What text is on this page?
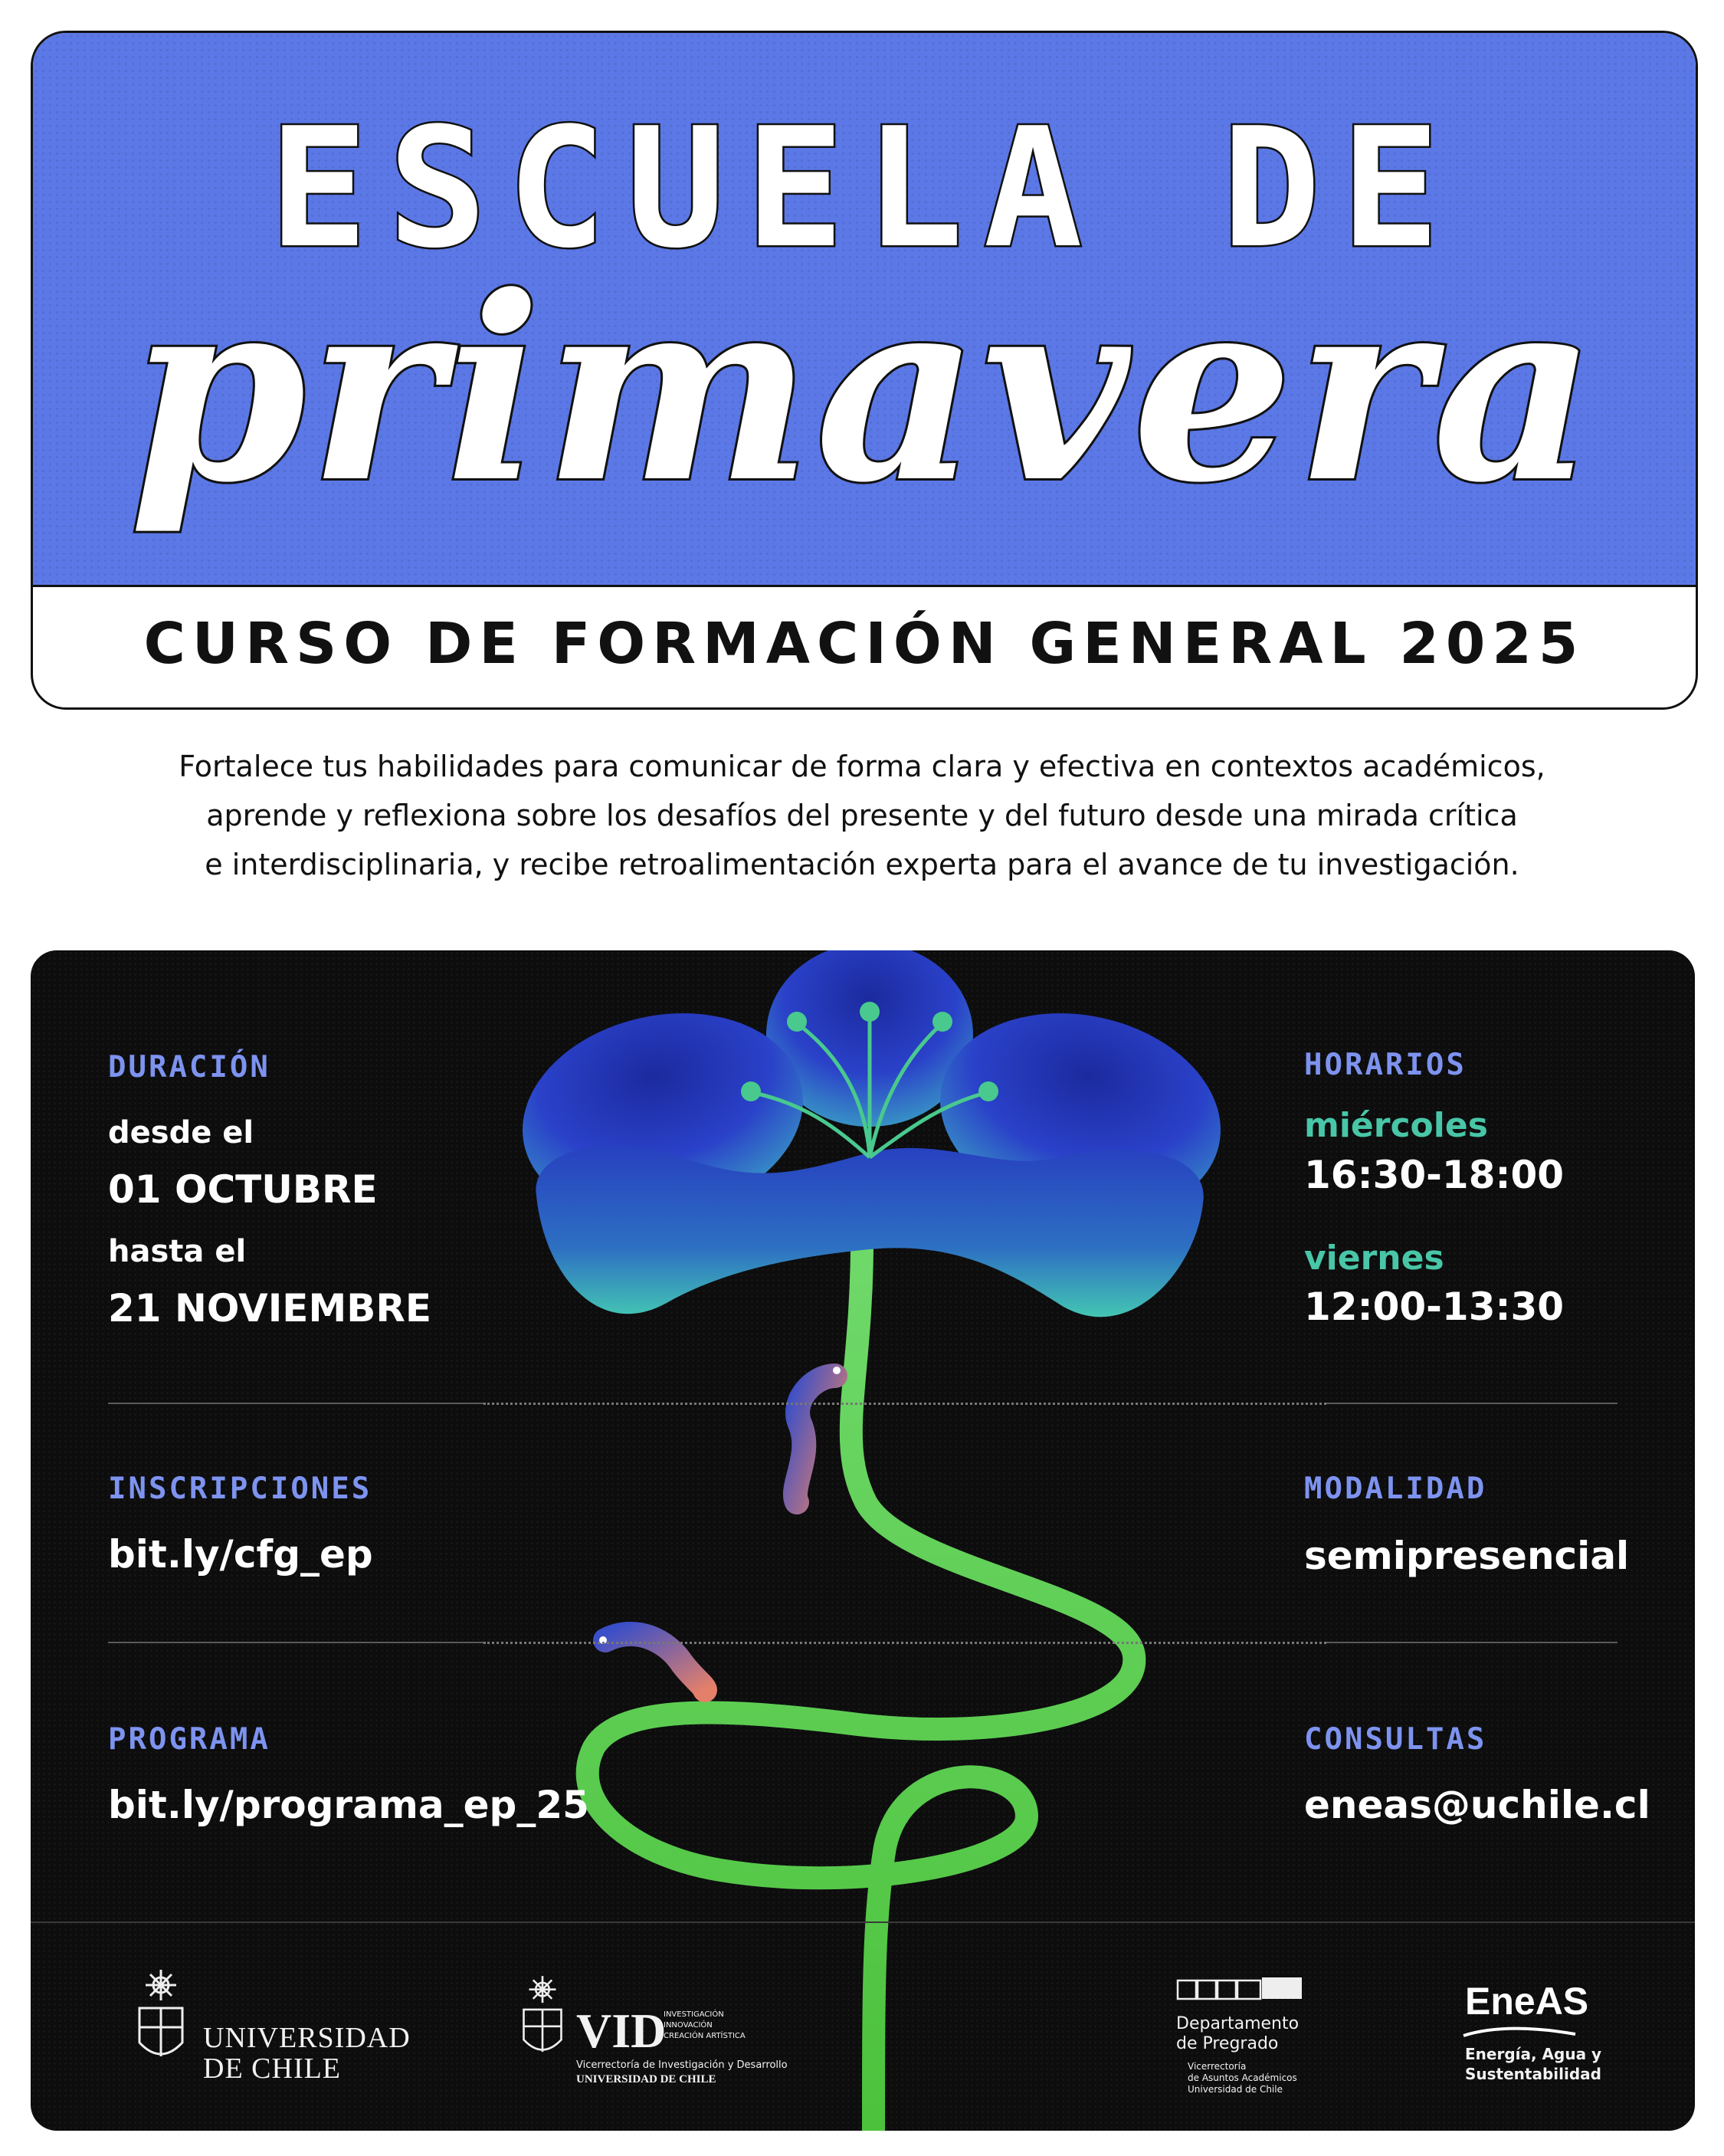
ESCUELA DE
primavera
CURSO DE FORMACIÓN GENERAL 2025
Fortalece tus habilidades para comunicar de forma clara y efectiva en contextos académicos,
aprende y reflexiona sobre los desafíos del presente y del futuro desde una mirada crítica
e interdisciplinaria, y recibe retroalimentación experta para el avance de tu investigación.
DURACIÓN
desde el
01 OCTUBRE
hasta el
21 NOVIEMBRE
INSCRIPCIONES
bit.ly/cfg_ep
PROGRAMA
bit.ly/programa_ep_25
HORARIOS
miércoles
16:30-18:00
viernes
12:00-13:30
MODALIDAD
semipresencial
CONSULTAS
eneas@uchile.cl
UNIVERSIDAD
DE CHILE
}
VID
INVESTIGACIÓN
INNOVACIÓN
CREACIÓN ARTÍSTICA
Vicerrectoría de Investigación y Desarrollo
UNIVERSIDAD DE CHILE
Departamento
de Pregrado
Vicerrectoría
de Asuntos Académicos
Universidad de Chile
EneAS
Energía, Agua y
Sustentabilidad
